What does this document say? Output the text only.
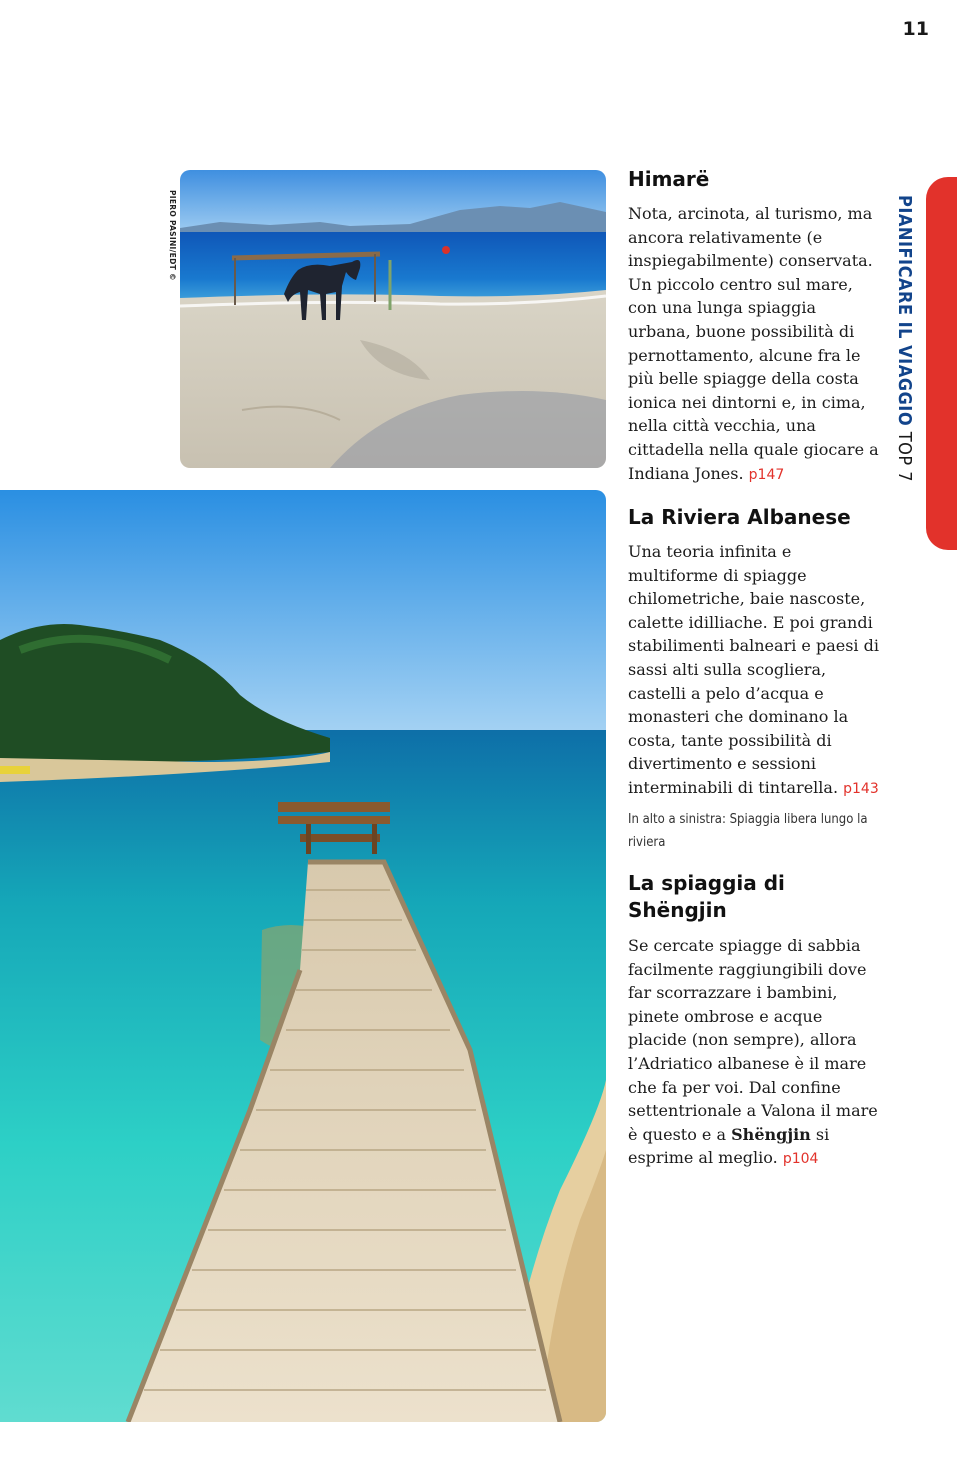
11
PIANIFICARE IL VIAGGIO TOP 7
PIERO PASINI/EDT ©
Himarë

Nota, arcinota, al turismo, ma ancora relativamente (e inspiegabilmente) conservata. Un piccolo centro sul mare, con una lunga spiaggia urbana, buone possibilità di pernottamento, alcune fra le più belle spiagge della costa ionica nei dintorni e, in cima, nella città vecchia, una cittadella nella quale giocare a Indiana Jones. p147

La Riviera Albanese

Una teoria infinita e multiforme di spiagge chilometriche, baie nascoste, calette idilliache. E poi grandi stabilimenti balneari e paesi di sassi alti sulla scogliera, castelli a pelo d’acqua e monasteri che dominano la costa, tante possibilità di divertimento e sessioni interminabili di tintarella. p143

In alto a sinistra: Spiaggia libera lungo la riviera

La spiaggia di Shëngjin

Se cercate spiagge di sabbia facilmente raggiungibili dove far scorrazzare i bambini, pinete ombrose e acque placide (non sempre), allora l’Adriatico albanese è il mare che fa per voi. Dal confine settentrionale a Valona il mare è questo e a Shëngjin si esprime al meglio. p104
